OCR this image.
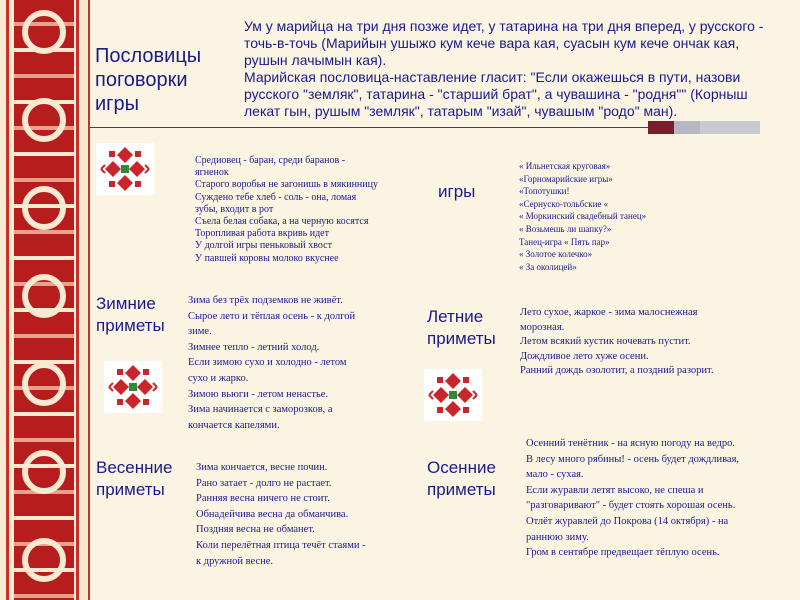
Пословицы
поговорки
игры
Ум у марийца на три дня позже идет, у татарина на три дня вперед, у русского -
точь-в-точь (Марийын ушыжо кум кече вара кая, суасын кум кече ончак кая,
рушын лачымын кая).
Марийская пословица-наставление гласит: "Если окажешься в пути, назови
русского "земляк", татарина - "старший брат", а чувашина - "родня"" (Корныш
лекат гын, рушым "земляк", татарым "изай", чувашым "родо" ман).
Средиовец - баран, среди баранов -
ягненок
Старого воробья не загонишь в мякинницу
Суждено тебе хлеб - соль - она, ломая
зубы, входит в рот
Съела белая собака, а на черную косятся
Торопливая работа вкривь идет
У долгой игры пеньковый хвост
У павшей коровы молоко вкуснее
игры
« Ильнетская круговая»
«Горномарийские игры»
«Топотушки!
«Сернуско-тольбские «
« Моркинский свадебный танец»
« Возьмешь ли шапку?»
Танец-игра « Пять пар»
« Золотое колечко»
« За околицей»
Зимние
приметы
Зима без трёх подземков не живёт.
Сырое лето и тёплая осень - к долгой
зиме.
Зимнее тепло - летний холод.
Если зимою сухо и холодно - летом
сухо и жарко.
Зимою вьюги - летом ненастье.
Зима начинается с заморозков, а
кончается капелями.
Летние
приметы
Лето сухое, жаркое - зима малоснежная
морозная.
Летом всякий кустик ночевать пустит.
Дождливое лето хуже осени.
Ранний дождь озолотит, а поздний разорит.
Весенние
приметы
Зима кончается, весне почин.
Рано затает - долго не растает.
Ранняя весна ничего не стоит.
Обнадейчива весна да обманчива.
Поздняя весна не обманет.
Коли перелётная птица течёт стаями -
к дружной весне.
Осенние
приметы
Осенний тенётник - на ясную погоду на ведро.
В лесу много рябины! - осень будет дождливая,
мало - сухая.
Если журавли летят высоко, не спеша и
"разговаривают" - будет стоять хорошая осень.
Отлёт журавлей до Покрова (14 октября) - на
раннюю зиму.
Гром в сентябре предвещает тёплую осень.
